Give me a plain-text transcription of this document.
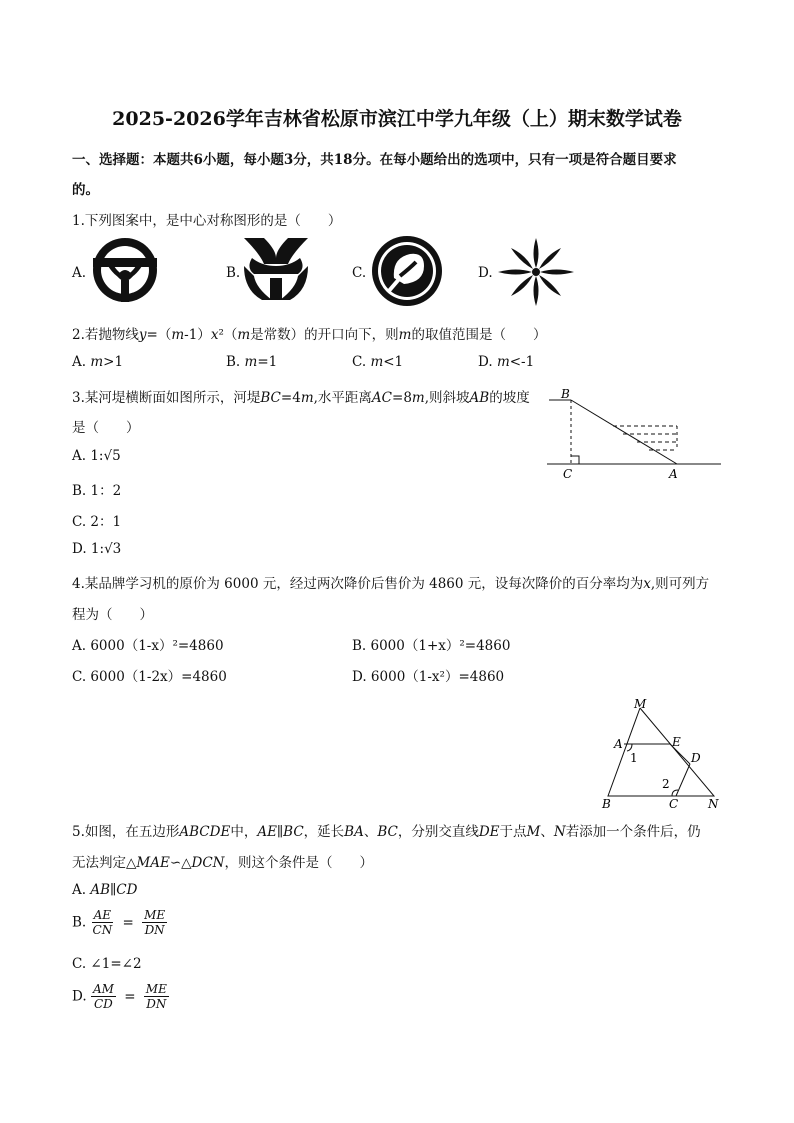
2025-2026学年吉林省松原市滨江中学九年级（上）期末数学试卷
一、选择题：本题共6小题，每小题3分，共18分。在每小题给出的选项中，只有一项是符合题目要求
的。
1.下列图案中，是中心对称图形的是（　　）
A.	B.	C.	D.
2.若抛物线y=（m-1）x²（m是常数）的开口向下，则m的取值范围是（　　）
A. m>1	B. m=1	C. m<1	D. m<-1
3.某河堤横断面如图所示，河堤BC=4m,水平距离AC=8m,则斜坡AB的坡度
是（　　）
A. 1:√5
B. 1：2
C. 2：1
D. 1:√3
B
C	A
4.某品牌学习机的原价为 6000 元，经过两次降价后售价为 4860 元，设每次降价的百分率均为x,则可列方
程为（　　）
A. 6000（1-x）²=4860	B. 6000（1+x）²=4860
C. 6000（1-2x）=4860	D. 6000（1-x²）=4860
M
A	E
D
B	C N
1
2
5.如图，在五边形ABCDE中，AE∥BC，延长BA、BC，分别交直线DE于点M、N若添加一个条件后，仍
无法判定△MAE∽△DCN，则这个条件是（　　）
A. AB∥CD
B. $\frac{AE}{CN} = \frac{ME}{DN}$
C. ∠1=∠2
D. $\frac{AM}{CD} = \frac{ME}{DN}$
